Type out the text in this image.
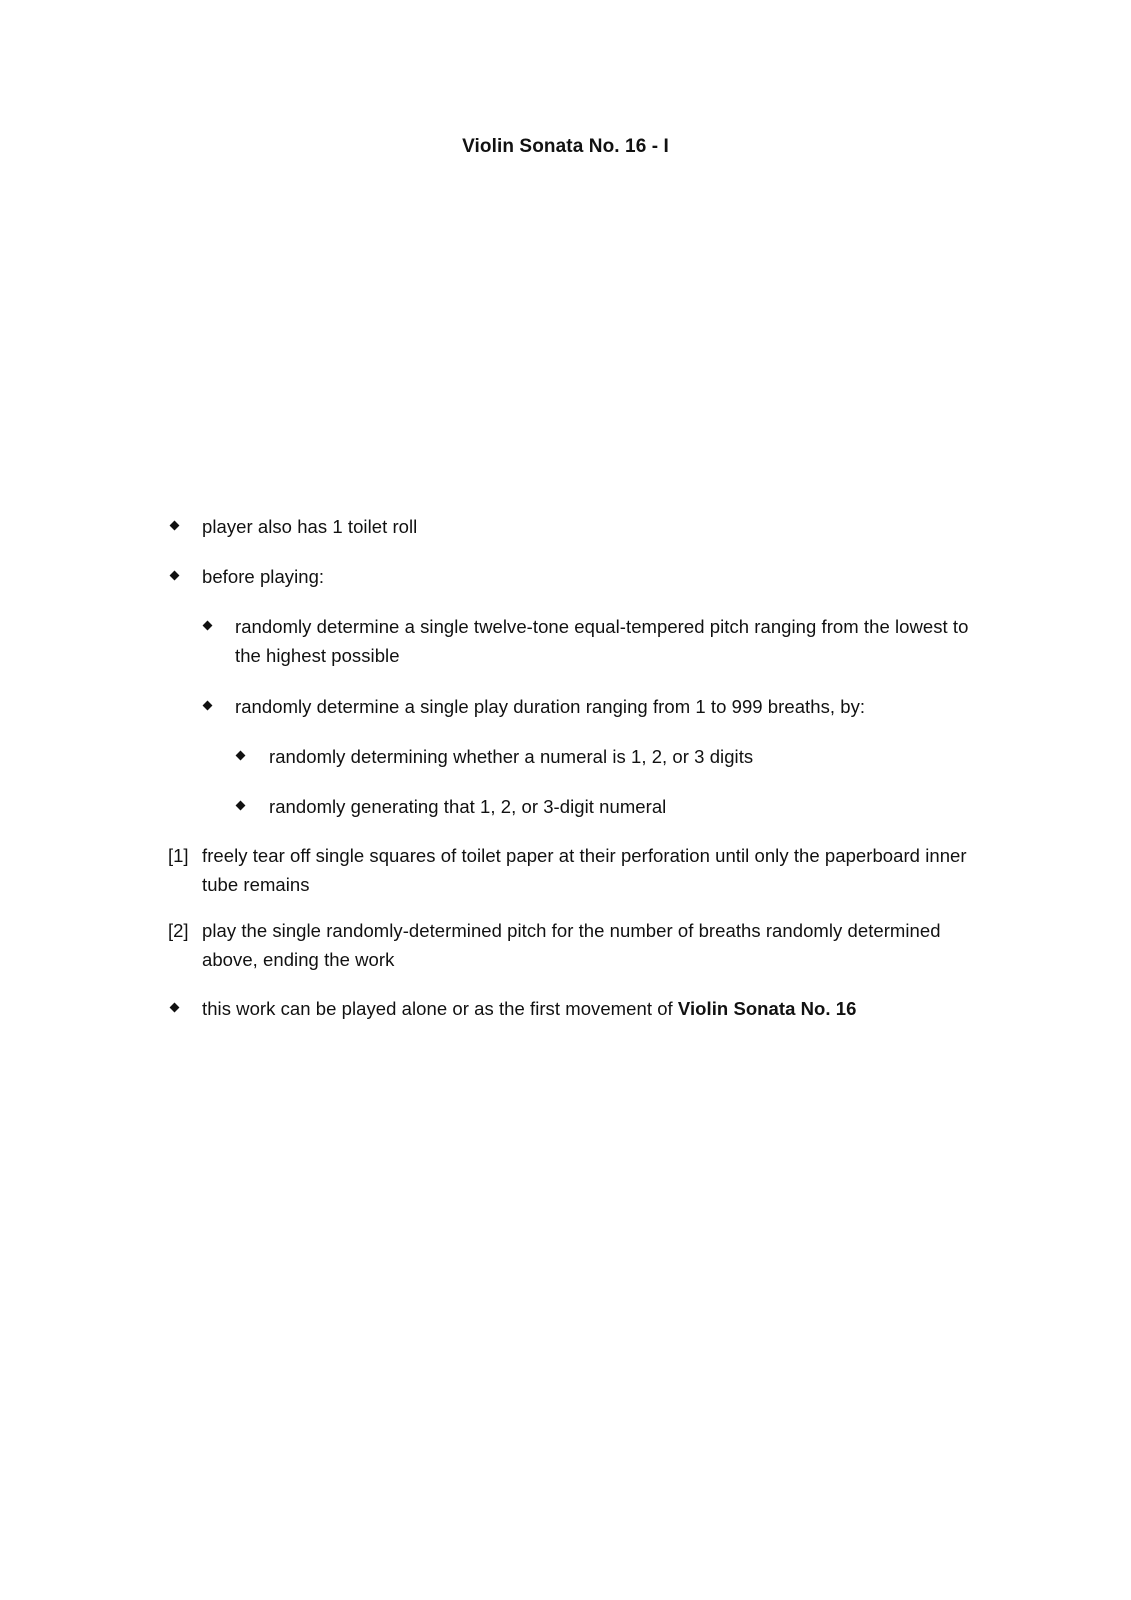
Violin Sonata No. 16 - I
player also has 1 toilet roll
before playing:
randomly determine a single twelve-tone equal-tempered pitch ranging from the lowest to the highest possible
randomly determine a single play duration ranging from 1 to 999 breaths, by:
randomly determining whether a numeral is 1, 2, or 3 digits
randomly generating that 1, 2, or 3-digit numeral
[1] freely tear off single squares of toilet paper at their perforation until only the paperboard inner tube remains
[2] play the single randomly-determined pitch for the number of breaths randomly determined above, ending the work
this work can be played alone or as the first movement of Violin Sonata No. 16
